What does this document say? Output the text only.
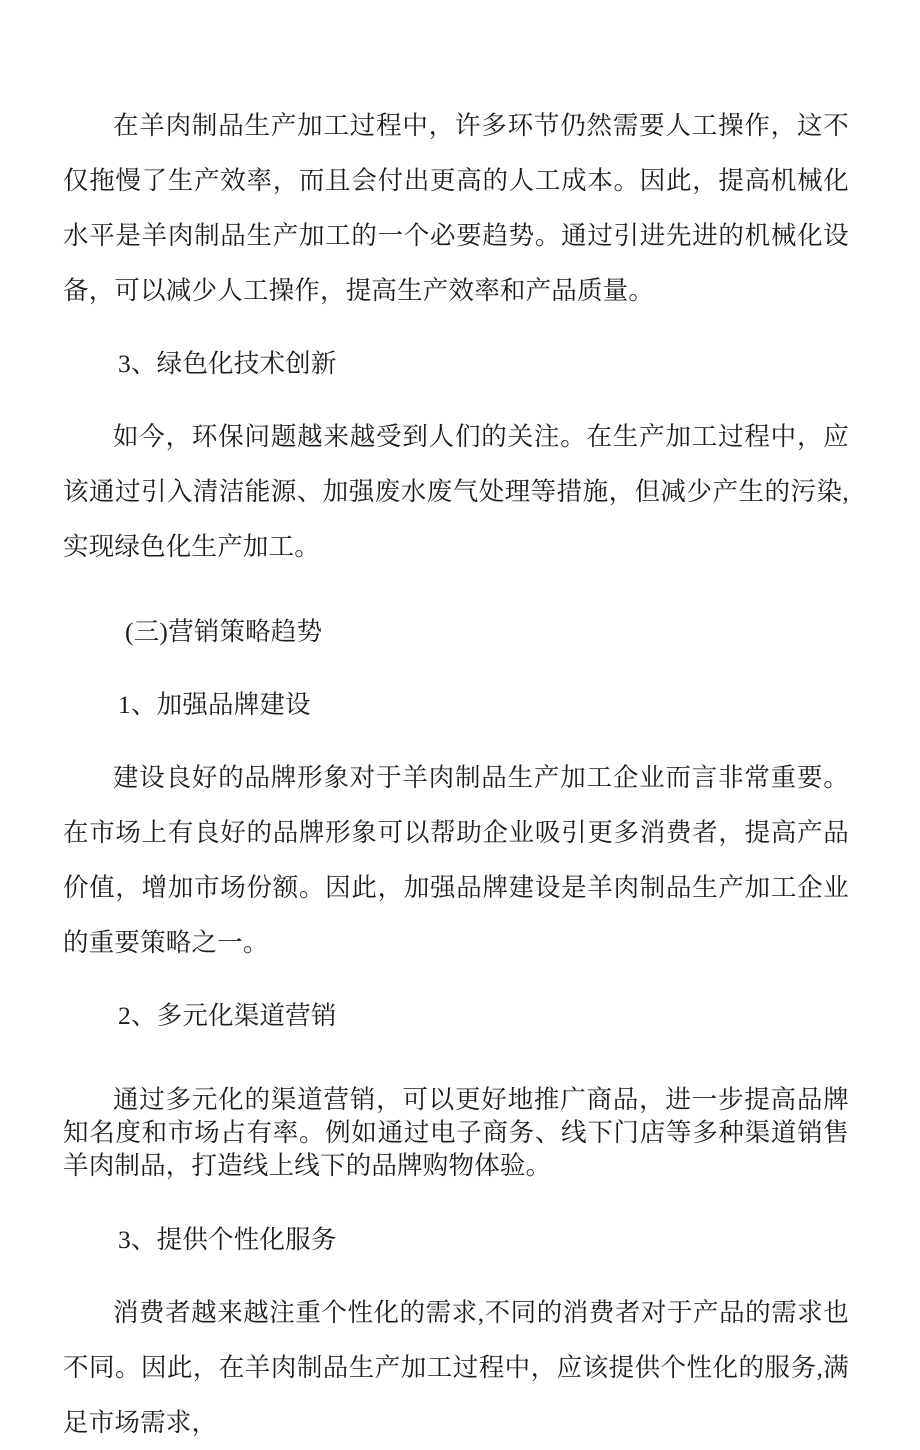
在羊肉制品生产加工过程中，许多环节仍然需要人工操作，这不仅拖慢了生产效率，而且会付出更高的人工成本。因此，提高机械化水平是羊肉制品生产加工的一个必要趋势。通过引进先进的机械化设备，可以减少人工操作，提高生产效率和产品质量。

3、绿色化技术创新

如今，环保问题越来越受到人们的关注。在生产加工过程中，应该通过引入清洁能源、加强废水废气处理等措施，但减少产生的污染,实现绿色化生产加工。

(三)营销策略趋势
1、加强品牌建设

建设良好的品牌形象对于羊肉制品生产加工企业而言非常重要。在市场上有良好的品牌形象可以帮助企业吸引更多消费者，提高产品价值，增加市场份额。因此，加强品牌建设是羊肉制品生产加工企业的重要策略之一。

2、多元化渠道营销

通过多元化的渠道营销，可以更好地推广商品，进一步提高品牌知名度和市场占有率。例如通过电子商务、线下门店等多种渠道销售羊肉制品，打造线上线下的品牌购物体验。

3、提供个性化服务

消费者越来越注重个性化的需求,不同的消费者对于产品的需求也不同。因此，在羊肉制品生产加工过程中，应该提供个性化的服务,满足市场需求，
